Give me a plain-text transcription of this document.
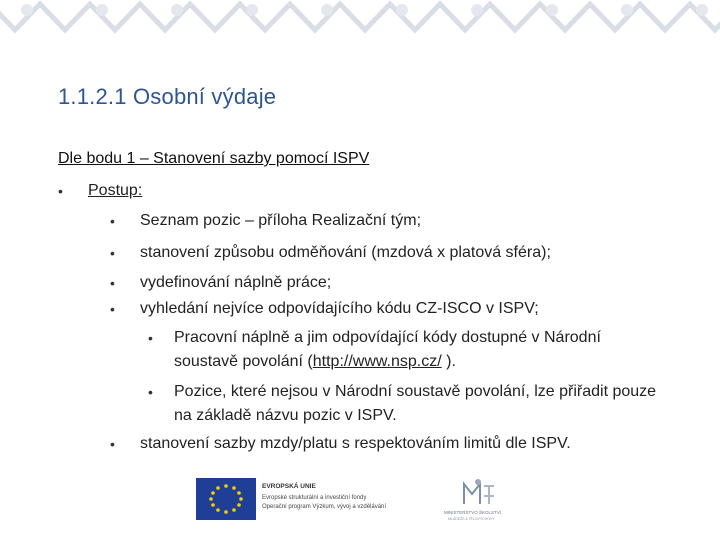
1.1.2.1 Osobní výdaje
Dle bodu 1 – Stanovení sazby pomocí ISPV
•	Postup:
•	Seznam pozic – příloha Realizační tým;
•	stanovení způsobu odměňování (mzdová x platová sféra);
•	vydefinování náplně práce;
•	vyhledání nejvíce odpovídajícího kódu CZ-ISCO v ISPV;
•	Pracovní náplně a jim odpovídající kódy dostupné v Národní soustavě povolání (http://www.nsp.cz/ ).
•	Pozice, které nejsou v Národní soustavě povolání, lze přiřadit pouze na základě názvu pozic v ISPV.
•	stanovení sazby mzdy/platu s respektováním limitů dle ISPV.
EVROPSKÁ UNIE
Evropské strukturální a investiční fondy
Operační program Výzkum, vývoj a vzdělávání
MINISTERSTVO ŠKOLSTVÍ,
MLÁDEŽE A TĚLOVÝCHOVY
